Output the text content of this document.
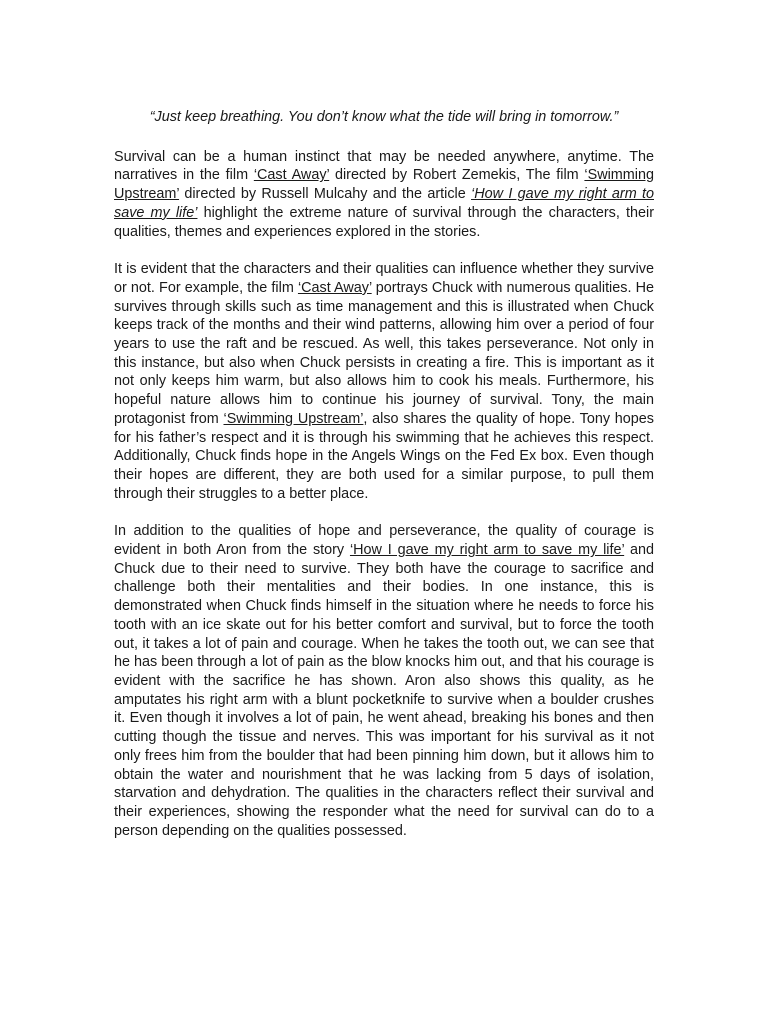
“Just keep breathing. You don’t know what the tide will bring in tomorrow.”

Survival can be a human instinct that may be needed anywhere, anytime. The narratives in the film ‘Cast Away’ directed by Robert Zemekis, The film ‘Swimming Upstream’ directed by Russell Mulcahy and the article ‘How I gave my right arm to save my life’ highlight the extreme nature of survival through the characters, their qualities, themes and experiences explored in the stories.

It is evident that the characters and their qualities can influence whether they survive or not. For example, the film ‘Cast Away’ portrays Chuck with numerous qualities. He survives through skills such as time management and this is illustrated when Chuck keeps track of the months and their wind patterns, allowing him over a period of four years to use the raft and be rescued. As well, this takes perseverance. Not only in this instance, but also when Chuck persists in creating a fire. This is important as it not only keeps him warm, but also allows him to cook his meals. Furthermore, his hopeful nature allows him to continue his journey of survival. Tony, the main protagonist from ‘Swimming Upstream’, also shares the quality of hope. Tony hopes for his father’s respect and it is through his swimming that he achieves this respect. Additionally, Chuck finds hope in the Angels Wings on the Fed Ex box. Even though their hopes are different, they are both used for a similar purpose, to pull them through their struggles to a better place.

In addition to the qualities of hope and perseverance, the quality of courage is evident in both Aron from the story ‘How I gave my right arm to save my life’ and Chuck due to their need to survive. They both have the courage to sacrifice and challenge both their mentalities and their bodies. In one instance, this is demonstrated when Chuck finds himself in the situation where he needs to force his tooth with an ice skate out for his better comfort and survival, but to force the tooth out, it takes a lot of pain and courage. When he takes the tooth out, we can see that he has been through a lot of pain as the blow knocks him out, and that his courage is evident with the sacrifice he has shown. Aron also shows this quality, as he amputates his right arm with a blunt pocketknife to survive when a boulder crushes it. Even though it involves a lot of pain, he went ahead, breaking his bones and then cutting though the tissue and nerves. This was important for his survival as it not only frees him from the boulder that had been pinning him down, but it allows him to obtain the water and nourishment that he was lacking from 5 days of isolation, starvation and dehydration. The qualities in the characters reflect their survival and their experiences, showing the responder what the need for survival can do to a person depending on the qualities possessed.
